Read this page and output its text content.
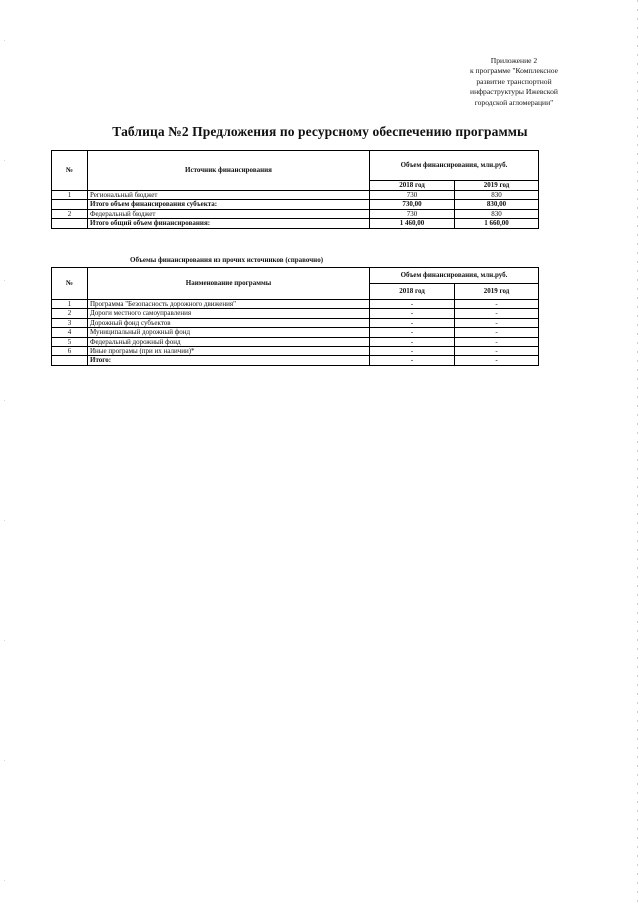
Приложение 2
к программе "Комплексное
развитие транспортной
инфраструктуры Ижевской
городской агломерации"
Таблица №2 Предложения по ресурсному обеспечению программы
№	Источник финансирования	Объем финансирования, млн.руб.	
		2018 год	2019 год
1	Региональный бюджет	730	830
	Итого объем финансирования субъекта:	730,00	830,00
2	Федеральный бюджет	730	830
	Итого общий объем финансирования:	1 460,00	1 660,00
Объемы финансирования из прочих источников (справочно)
№	Наименование программы	Объем финансирования, млн.руб.	
		2018 год	2019 год
1	Программа "Безопасность дорожного движения"	-	-
2	Дороги местного самоуправления	-	-
3	Дорожный фонд субъектов	-	-
4	Муниципальный дорожный фонд	-	-
5	Федеральный дорожный фонд	-	-
6	Иные програмы (при их наличии)*	-	-
	Итого:	-	-
